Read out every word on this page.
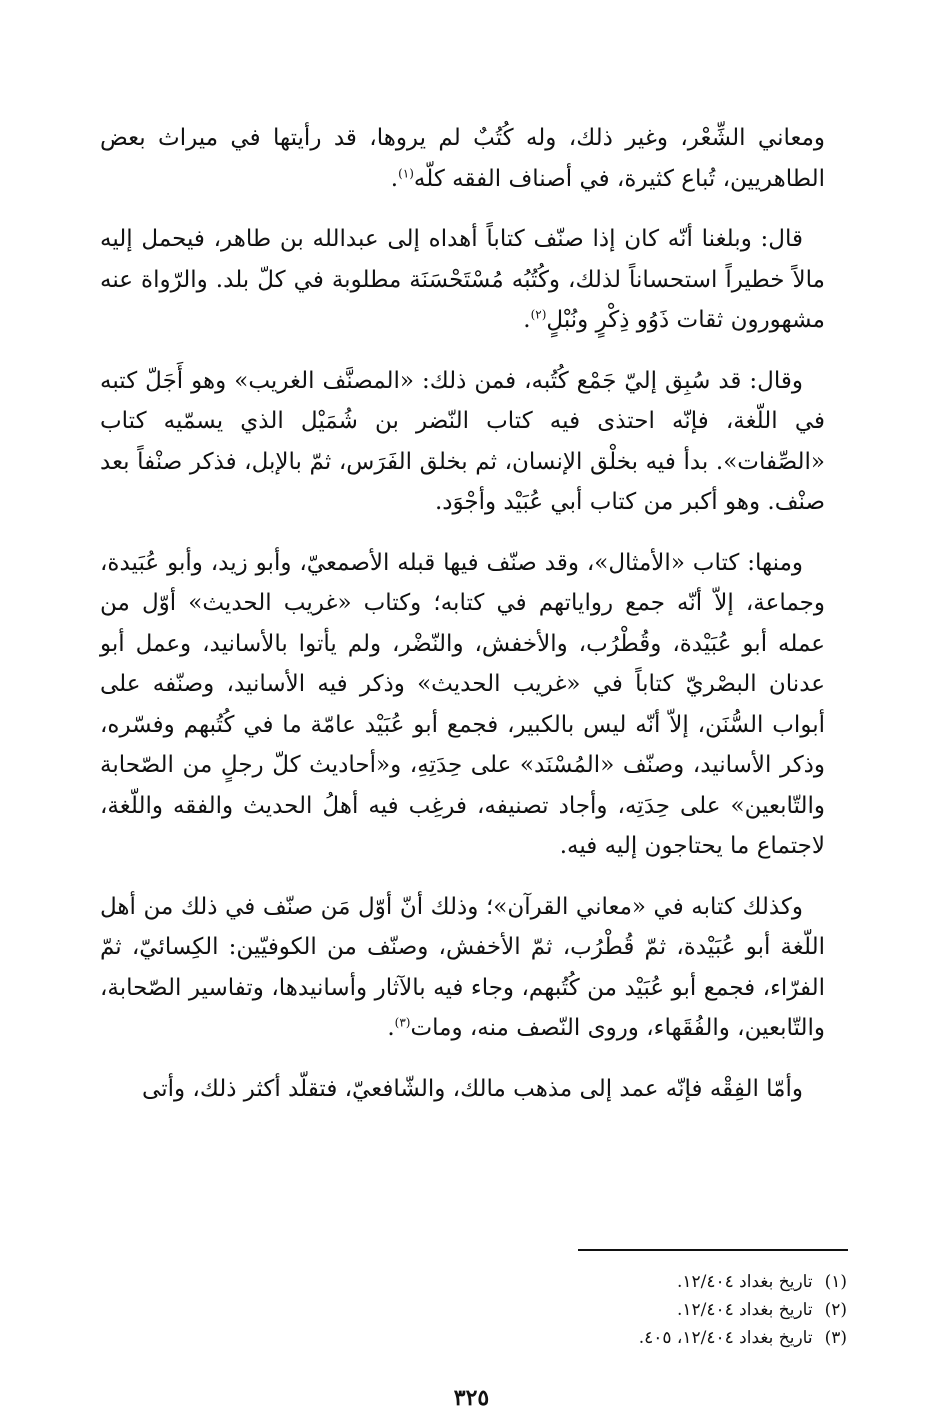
ومعاني الشِّعْر، وغير ذلك، وله كُتُبٌ لم يروها، قد رأيتها في ميراث بعض الطاهريين، تُباع كثيرة، في أصناف الفقه كلّه$^{(١)}$.

قال: وبلغنا أنّه كان إذا صنّف كتاباً أهداه إلى عبدالله بن طاهر، فيحمل إليه مالاً خطيراً استحساناً لذلك، وكُتُبُه مُسْتَحْسَنَة مطلوبة في كلّ بلد. والرّواة عنه مشهورون ثقات ذَوُو ذِكْرٍ ونُبْلٍ$^{(٢)}$.

وقال: قد سُبِق إليّ جَمْع كُتُبه، فمن ذلك: «المصنَّف الغريب» وهو أَجَلّ كتبه في اللّغة، فإنّه احتذى فيه كتاب النّضر بن شُمَيْل الذي يسمّيه كتاب «الصِّفات». بدأ فيه بخلْق الإنسان، ثم بخلق الفَرَس، ثمّ بالإبل، فذكر صنْفاً بعد صنْف. وهو أكبر من كتاب أبي عُبَيْد وأجْوَد.

ومنها: كتاب «الأمثال»، وقد صنّف فيها قبله الأصمعيّ، وأبو زيد، وأبو عُبَيدة، وجماعة، إلاّ أنّه جمع رواياتهم في كتابه؛ وكتاب «غريب الحديث» أوّل من عمله أبو عُبَيْدة، وقُطْرُب، والأخفش، والنّضْر، ولم يأتوا بالأسانيد، وعمل أبو عدنان البصْريّ كتاباً في «غريب الحديث» وذكر فيه الأسانيد، وصنّفه على أبواب السُّنَن، إلاّ أنّه ليس بالكبير، فجمع أبو عُبَيْد عامّة ما في كُتُبهم وفسّره، وذكر الأسانيد، وصنّف «المُسْنَد» على حِدَتِهِ، و«أحاديث كلّ رجلٍ من الصّحابة والتّابعين» على حِدَتِه، وأجاد تصنيفه، فرغِب فيه أهلُ الحديث والفقه واللّغة، لاجتماع ما يحتاجون إليه فيه.

وكذلك كتابه في «معاني القرآن»؛ وذلك أنّ أوّل مَن صنّف في ذلك من أهل اللّغة أبو عُبَيْدة، ثمّ قُطْرُب، ثمّ الأخفش، وصنّف من الكوفيّين: الكِسائيّ، ثمّ الفرّاء، فجمع أبو عُبَيْد من كُتُبهم، وجاء فيه بالآثار وأسانيدها، وتفاسير الصّحابة، والتّابعين، والفُقَهاء، وروى النّصف منه، ومات$^{(٣)}$.

وأمّا الفِقْه فإنّه عمد إلى مذهب مالك، والشّافعيّ، فتقلّد أكثر ذلك، وأتى

(١)تاريخ بغداد ١٢/٤٠٤.
(٢)تاريخ بغداد ١٢/٤٠٤.
(٣)تاريخ بغداد ١٢/٤٠٤، ٤٠٥.
٣٢٥
